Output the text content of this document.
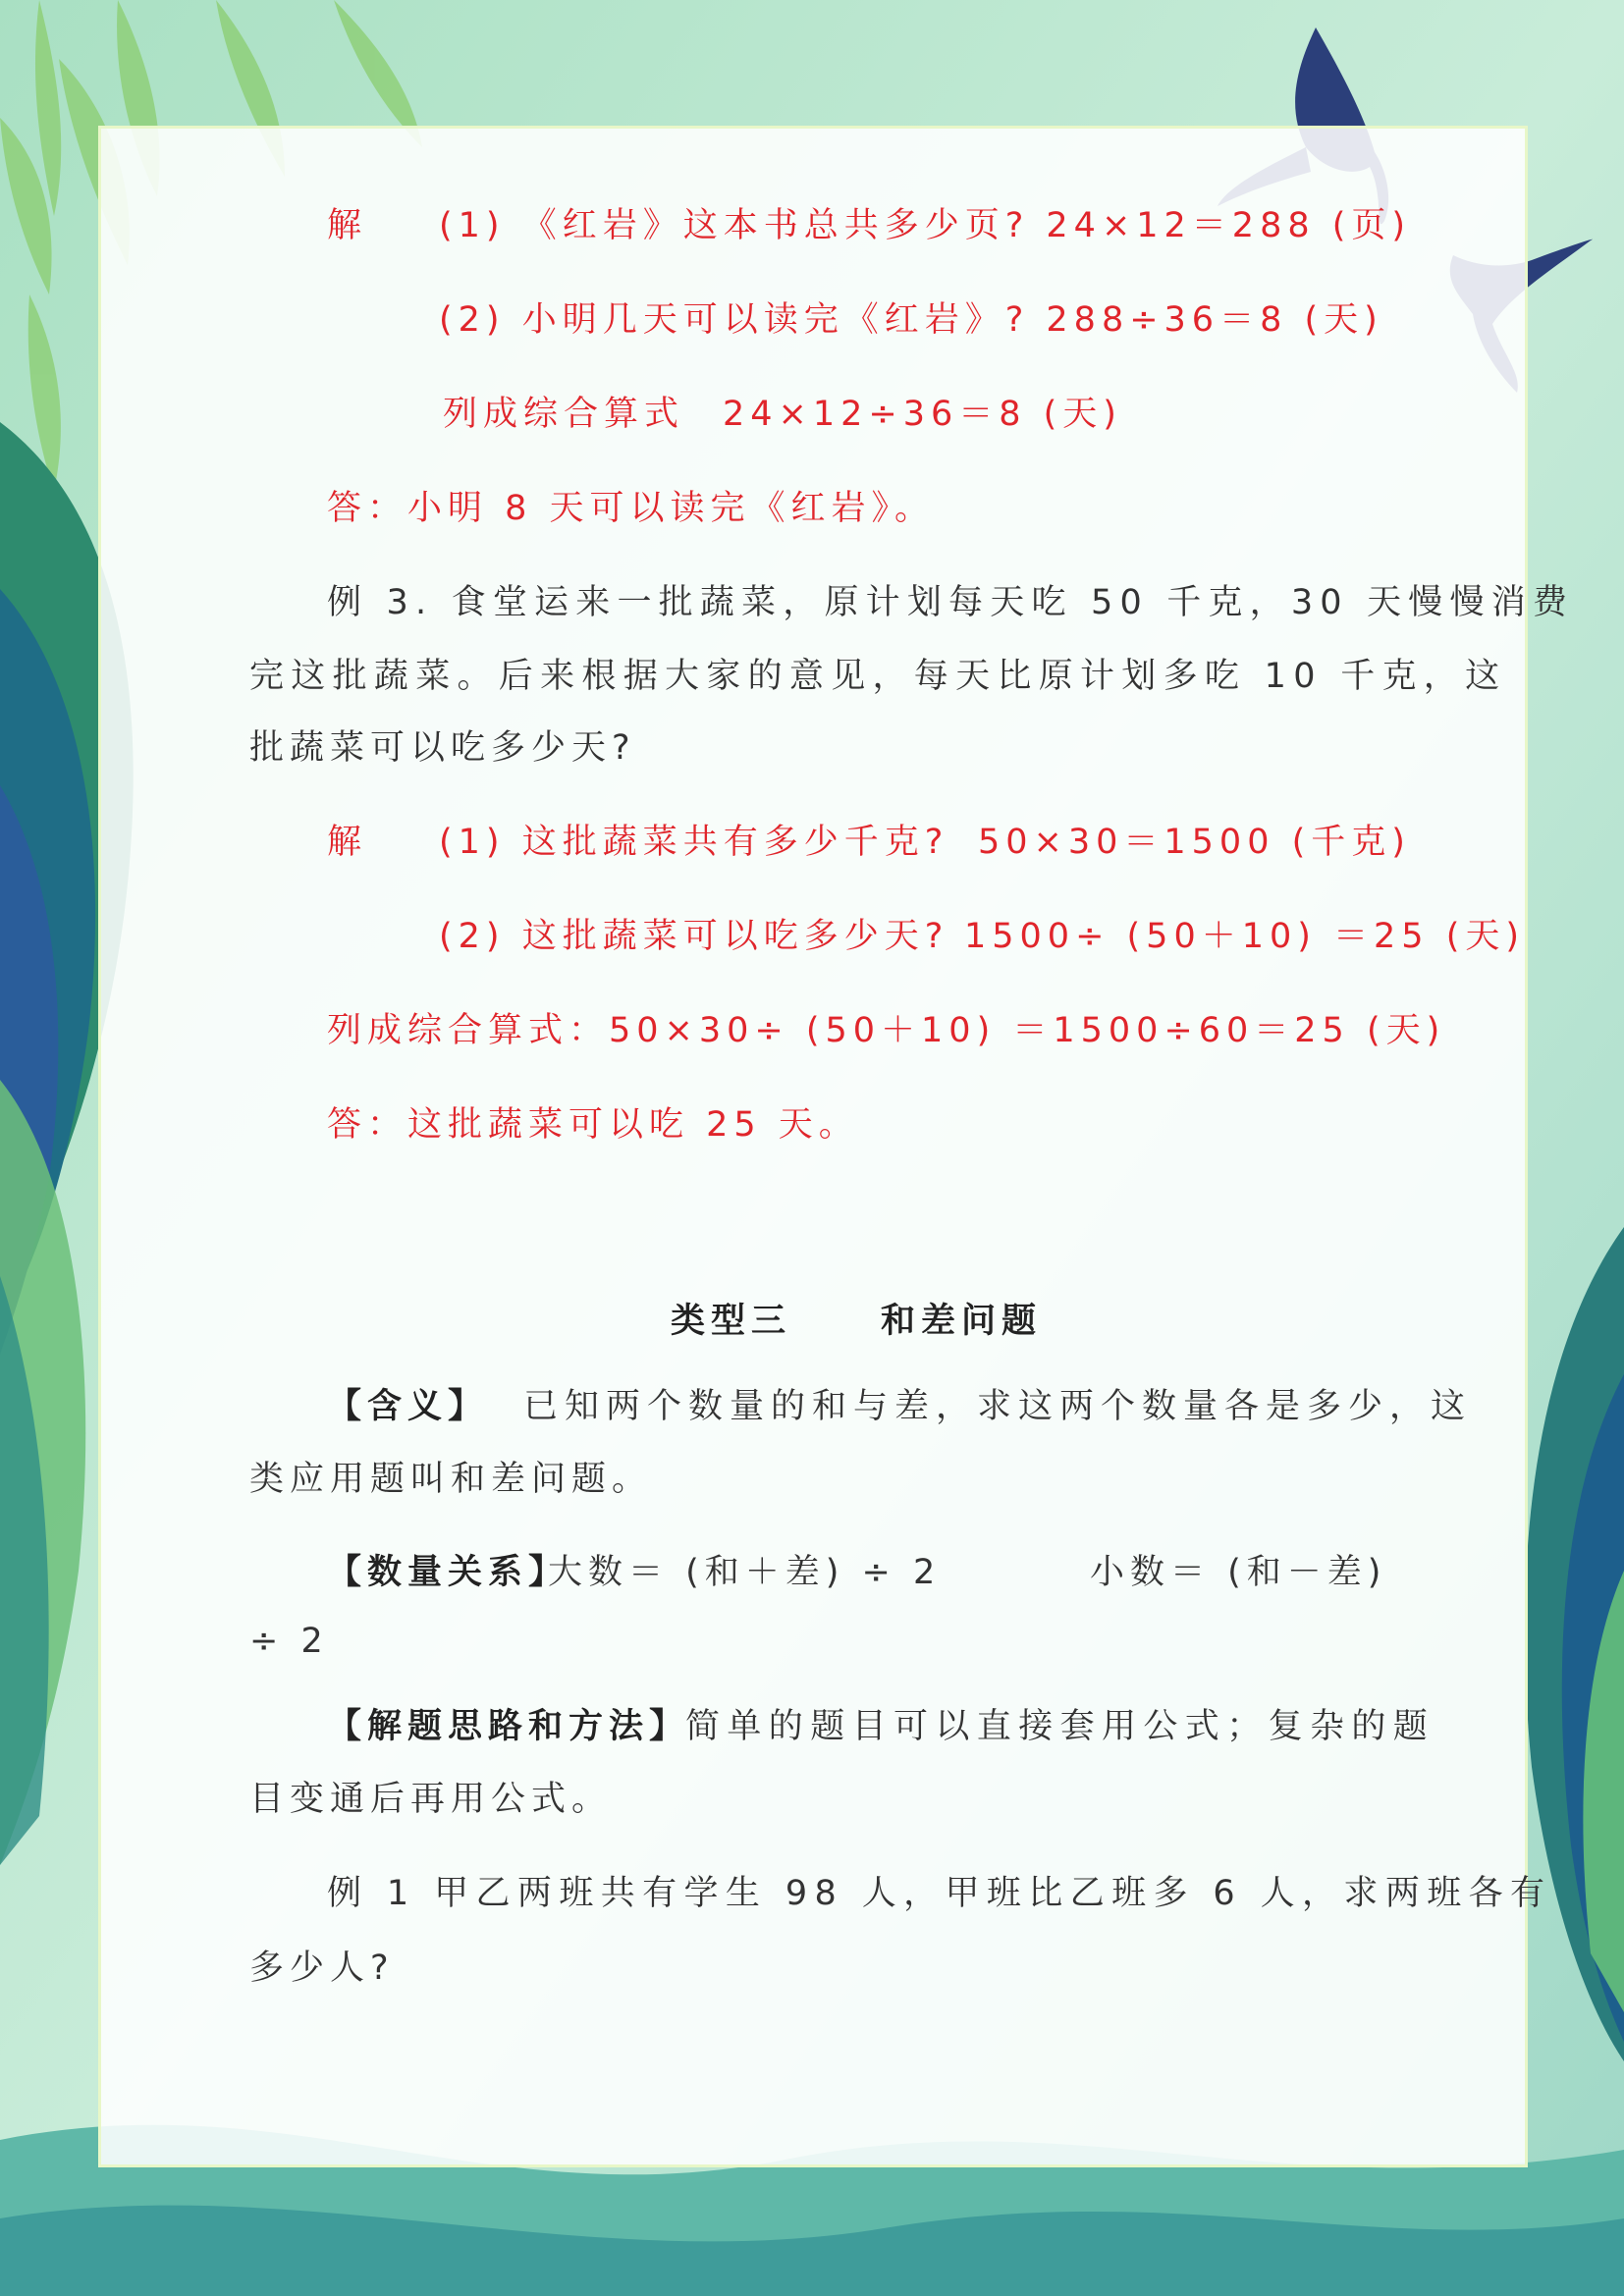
解 (1) 《红岩》这本书总共多少页? 24×12＝288 (页)
(2) 小明几天可以读完《红岩》? 288÷36＝8 (天)
列成综合算式 24×12÷36＝8 (天)
答：小明 8 天可以读完《红岩》。
例 3. 食堂运来一批蔬菜，原计划每天吃 50 千克，30 天慢慢消费
完这批蔬菜。后来根据大家的意见，每天比原计划多吃 10 千克，这
批蔬菜可以吃多少天?
解 (1) 这批蔬菜共有多少千克? 50×30＝1500 (千克)
(2) 这批蔬菜可以吃多少天? 1500÷ (50＋10) ＝25 (天)
列成综合算式：50×30÷ (50＋10) ＝1500÷60＝25 (天)
答：这批蔬菜可以吃 25 天。
类型三	和差问题
【含义】 已知两个数量的和与差，求这两个数量各是多少，这
类应用题叫和差问题。
【数量关系】
大数＝ (和＋差) ÷ 2	小数＝ (和－差)
÷ 2
【解题思路和方法】
简单的题目可以直接套用公式；复杂的题
目变通后再用公式。
例 1 甲乙两班共有学生 98 人，甲班比乙班多 6 人，求两班各有
多少人?
